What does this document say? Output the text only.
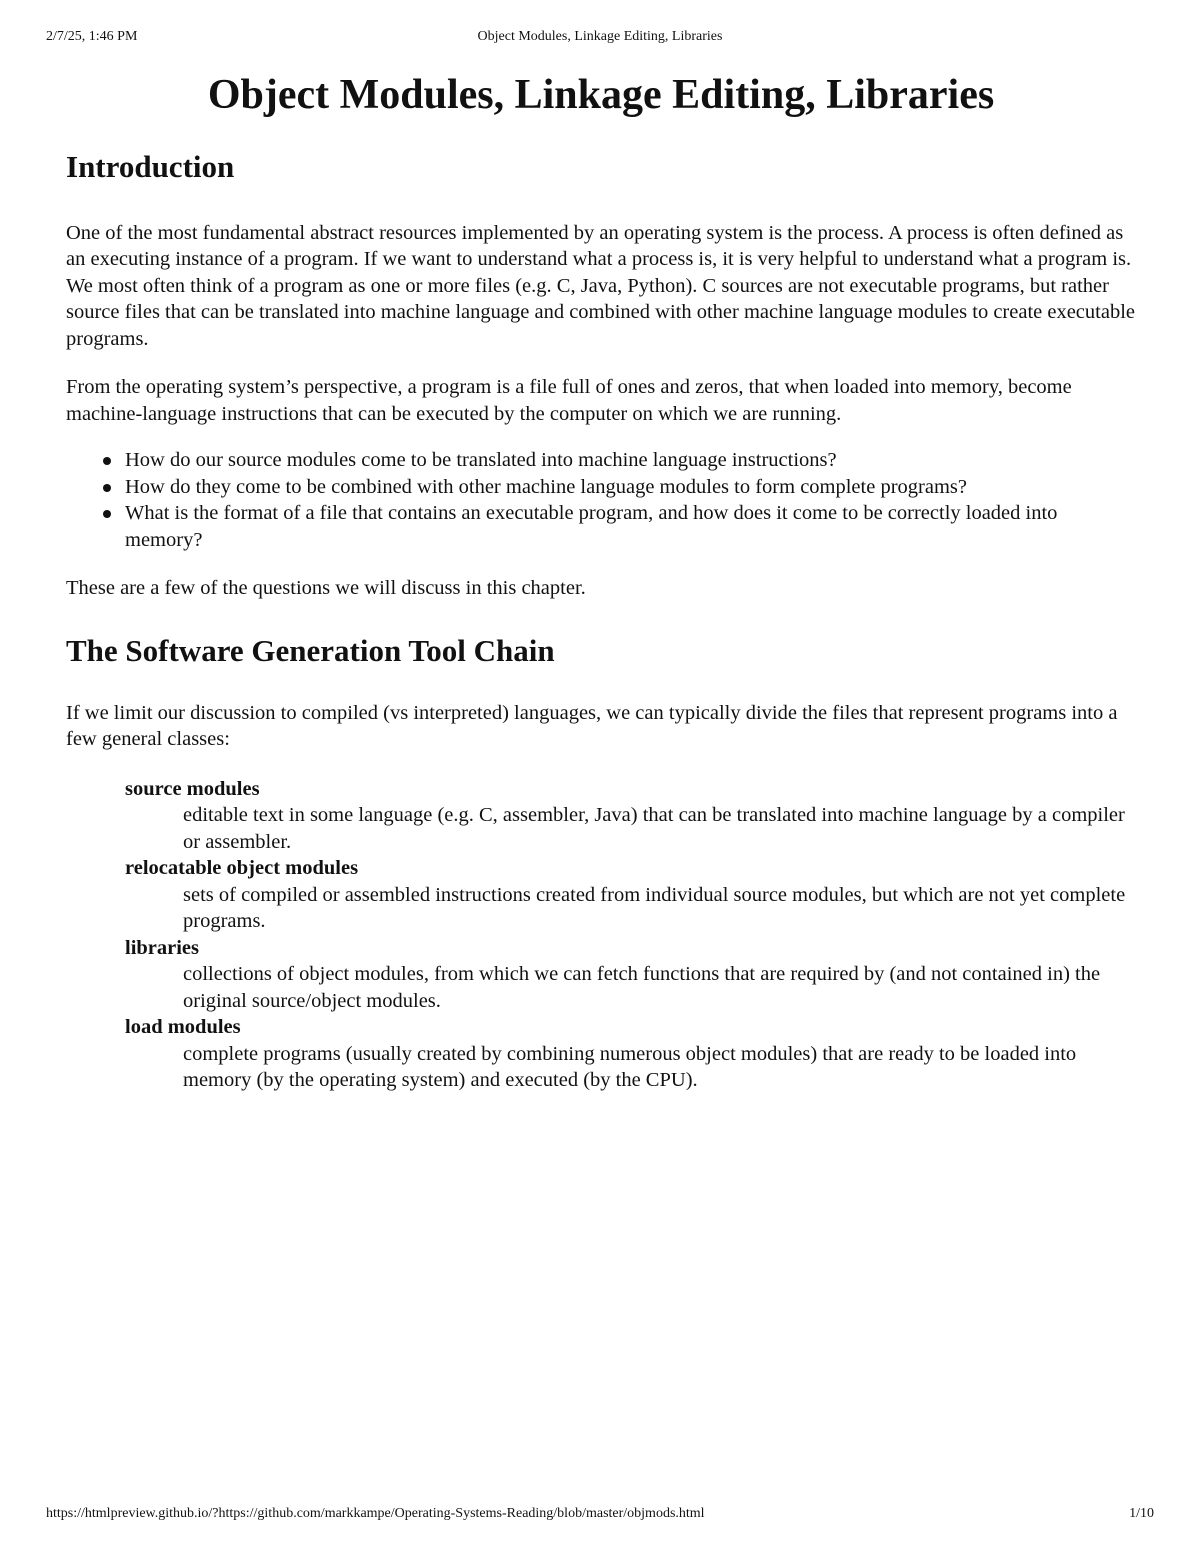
2/7/25, 1:46 PM	Object Modules, Linkage Editing, Libraries
Object Modules, Linkage Editing, Libraries
Introduction

One of the most fundamental abstract resources implemented by an operating system is the process. A process is often defined as an executing instance of a program. If we want to understand what a process is, it is very helpful to understand what a program is. We most often think of a program as one or more files (e.g. C, Java, Python). C sources are not executable programs, but rather source files that can be translated into machine language and combined with other machine language modules to create executable programs.

From the operating system’s perspective, a program is a file full of ones and zeros, that when loaded into memory, become machine-language instructions that can be executed by the computer on which we are running.

How do our source modules come to be translated into machine language instructions?
How do they come to be combined with other machine language modules to form complete programs?
What is the format of a file that contains an executable program, and how does it come to be correctly loaded into memory?

These are a few of the questions we will discuss in this chapter.

The Software Generation Tool Chain

If we limit our discussion to compiled (vs interpreted) languages, we can typically divide the files that represent programs into a few general classes:

source modules
editable text in some language (e.g. C, assembler, Java) that can be translated into machine language by a compiler or assembler.
relocatable object modules
sets of compiled or assembled instructions created from individual source modules, but which are not yet complete programs.
libraries
collections of object modules, from which we can fetch functions that are required by (and not contained in) the original source/object modules.
load modules
complete programs (usually created by combining numerous object modules) that are ready to be loaded into memory (by the operating system) and executed (by the CPU).
https://htmlpreview.github.io/?https://github.com/markkampe/Operating-Systems-Reading/blob/master/objmods.html	1/10
